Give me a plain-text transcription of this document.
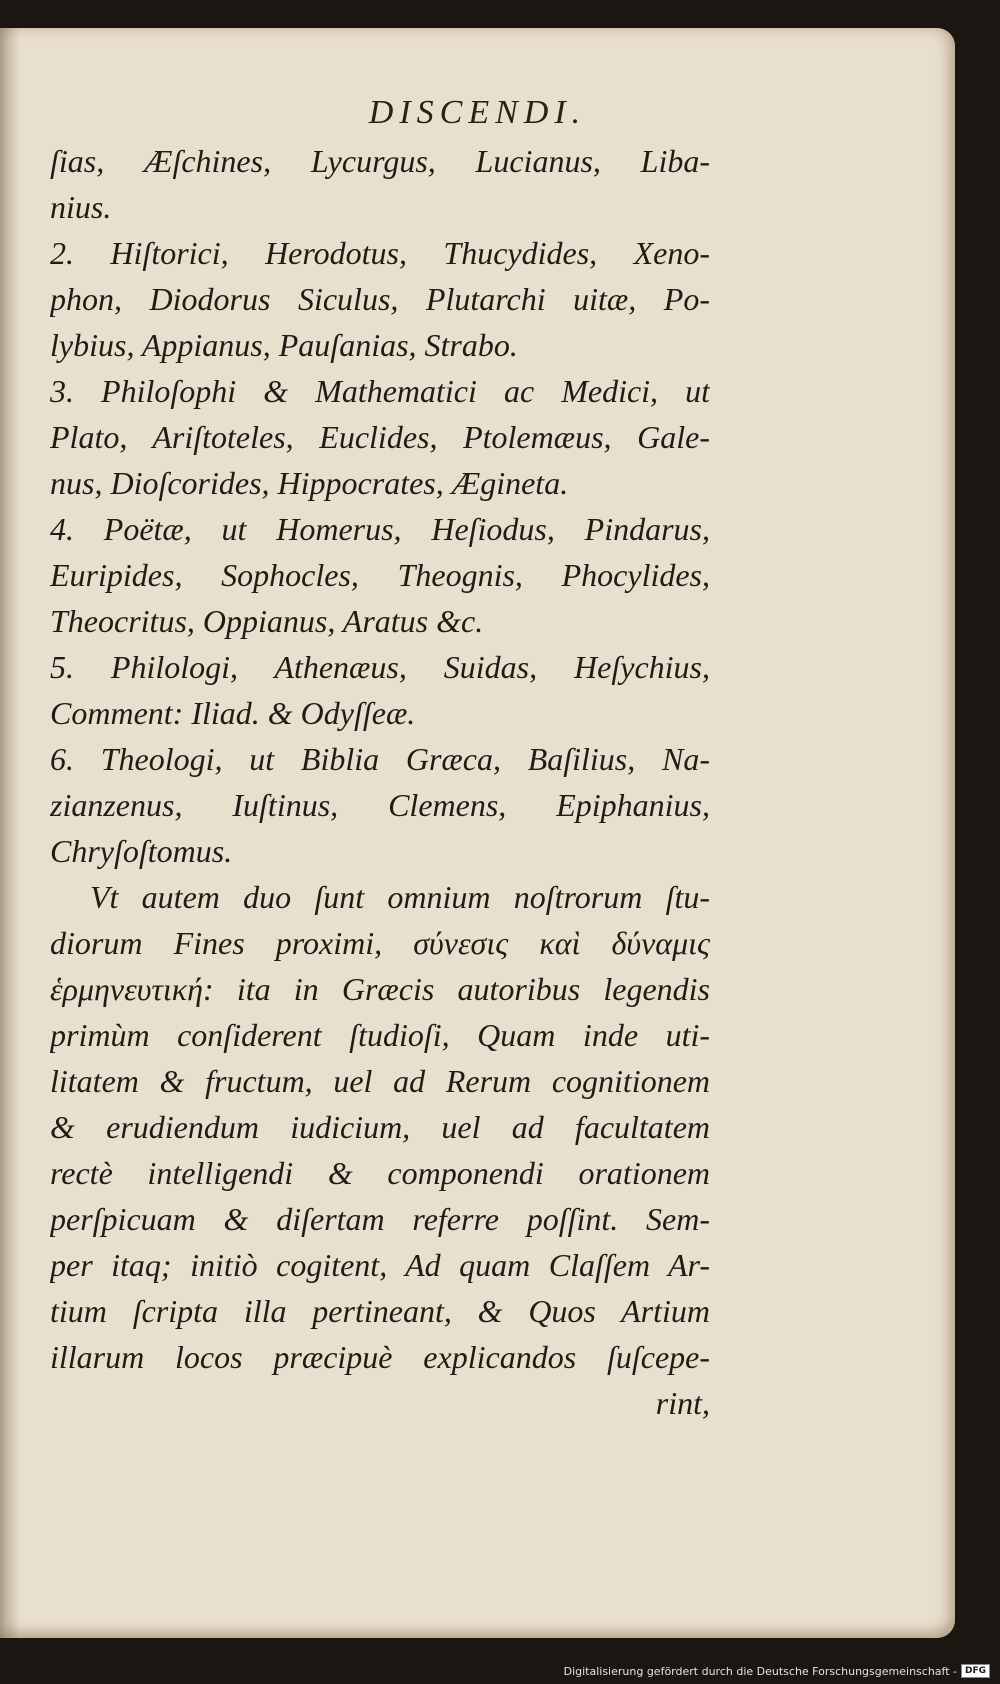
DISCENDI.
ſias, Æſchines, Lycurgus, Lucianus, Liba-
nius.
2. Hiſtorici, Herodotus, Thucydides, Xeno-
phon, Diodorus Siculus, Plutarchi uitæ, Po-
lybius, Appianus, Pauſanias, Strabo.
3. Philoſophi & Mathematici ac Medici, ut
Plato, Ariſtoteles, Euclides, Ptolemæus, Gale-
nus, Dioſcorides, Hippocrates, Ægineta.
4. Poëtæ, ut Homerus, Heſiodus, Pindarus,
Euripides, Sophocles, Theognis, Phocylides,
Theocritus, Oppianus, Aratus &c.
5. Philologi, Athenæus, Suidas, Heſychius,
Comment: Iliad. & Odyſſeæ.
6. Theologi, ut Biblia Græca, Baſilius, Na-
zianzenus, Iuſtinus, Clemens, Epiphanius,
Chryſoſtomus.
Vt autem duo ſunt omnium noſtrorum ſtu-
diorum Fines proximi, σύνεσις καὶ δύναμις
ἑρμηνευτική: ita in Græcis autoribus legendis
primùm conſiderent ſtudioſi, Quam inde uti-
litatem & fructum, uel ad Rerum cognitionem
& erudiendum iudicium, uel ad facultatem
rectè intelligendi & componendi orationem
perſpicuam & diſertam referre poſſint. Sem-
per itaq; initiò cogitent, Ad quam Claſſem Ar-
tium ſcripta illa pertineant, & Quos Artium
illarum locos præcipuè explicandos ſuſcepe-
rint,
Digitalisierung gefördert durch die Deutsche Forschungsgemeinschaft - DFG
